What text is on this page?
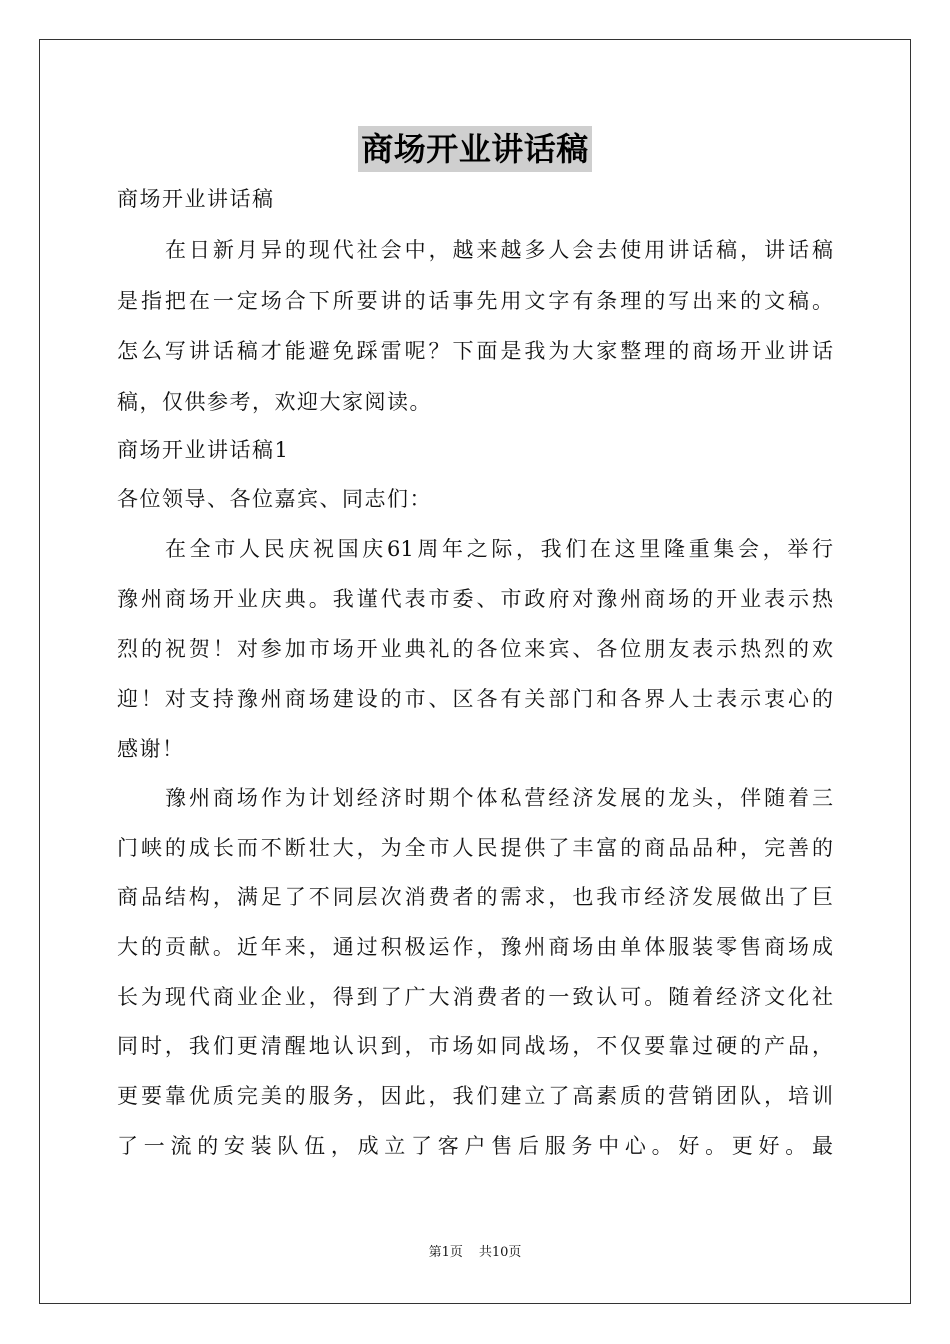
商场开业讲话稿
商场开业讲话稿
在日新月异的现代社会中，越来越多人会去使用讲话稿，讲话稿
是指把在一定场合下所要讲的话事先用文字有条理的写出来的文稿。
怎么写讲话稿才能避免踩雷呢？下面是我为大家整理的商场开业讲话
稿，仅供参考，欢迎大家阅读。
商场开业讲话稿1
各位领导、各位嘉宾、同志们：
在全市人民庆祝国庆61周年之际，我们在这里隆重集会，举行
豫州商场开业庆典。我谨代表市委、市政府对豫州商场的开业表示热
烈的祝贺！对参加市场开业典礼的各位来宾、各位朋友表示热烈的欢
迎！对支持豫州商场建设的市、区各有关部门和各界人士表示衷心的
感谢！
豫州商场作为计划经济时期个体私营经济发展的龙头，伴随着三
门峡的成长而不断壮大，为全市人民提供了丰富的商品品种，完善的
商品结构，满足了不同层次消费者的需求，也我市经济发展做出了巨
大的贡献。近年来，通过积极运作，豫州商场由单体服装零售商场成
长为现代商业企业，得到了广大消费者的一致认可。随着经济文化社
同时，我们更清醒地认识到，市场如同战场，不仅要靠过硬的产品，
更要靠优质完美的服务，因此，我们建立了高素质的营销团队，培训
了一流的安装队伍，成立了客户售后服务中心。好。更好。最
第1页 共10页
